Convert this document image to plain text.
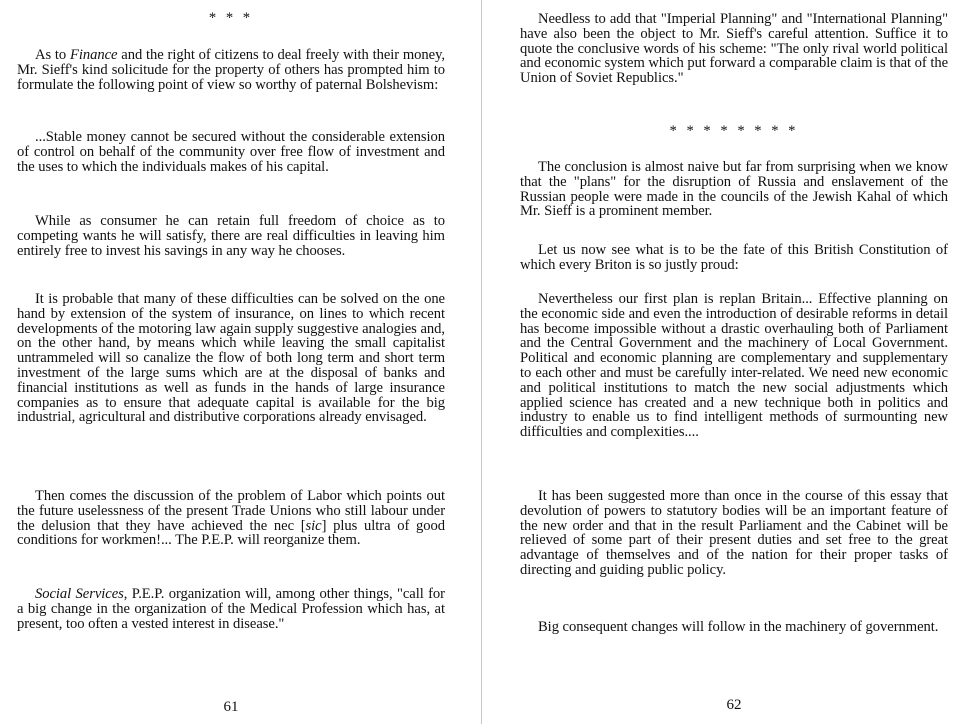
* * *

As to Finance and the right of citizens to deal freely with their money, Mr. Sieff's kind solicitude for the property of others has prompted him to formulate the following point of view so worthy of paternal Bolshevism:

...Stable money cannot be secured without the considerable extension of control on behalf of the community over free flow of investment and the uses to which the individuals makes of his capital.

While as consumer he can retain full freedom of choice as to competing wants he will satisfy, there are real difficulties in leaving him entirely free to invest his savings in any way he chooses.

It is probable that many of these difficulties can be solved on the one hand by extension of the system of insurance, on lines to which recent developments of the motoring law again supply suggestive analogies and, on the other hand, by means which while leaving the small capitalist untrammeled will so canalize the flow of both long term and short term investment of the large sums which are at the disposal of banks and financial institutions as well as funds in the hands of large insurance companies as to ensure that adequate capital is available for the big industrial, agricultural and distributive corporations already envisaged.

Then comes the discussion of the problem of Labor which points out the future uselessness of the present Trade Unions who still labour under the delusion that they have achieved the nec [sic] plus ultra of good conditions for workmen!... The P.E.P. will reorganize them.

Social Services, P.E.P. organization will, among other things, "call for a big change in the organization of the Medical Profession which has, at present, too often a vested interest in disease."

61

Needless to add that "Imperial Planning" and "International Planning" have also been the object to Mr. Sieff's careful attention. Suffice it to quote the conclusive words of his scheme: "The only rival world political and economic system which put forward a comparable claim is that of the Union of Soviet Republics."

* * * * * * * *

The conclusion is almost naive but far from surprising when we know that the "plans" for the disruption of Russia and enslavement of the Russian people were made in the councils of the Jewish Kahal of which Mr. Sieff is a prominent member.

Let us now see what is to be the fate of this British Constitution of which every Briton is so justly proud:

Nevertheless our first plan is replan Britain... Effective planning on the economic side and even the introduction of desirable reforms in detail has become impossible without a drastic overhauling both of Parliament and the Central Government and the machinery of Local Government. Political and economic planning are complementary and supplementary to each other and must be carefully inter-related. We need new economic and political institutions to match the new social adjustments which applied science has created and a new technique both in politics and industry to enable us to find intelligent methods of surmounting new difficulties and complexities....

It has been suggested more than once in the course of this essay that devolution of powers to statutory bodies will be an important feature of the new order and that in the result Parliament and the Cabinet will be relieved of some part of their present duties and set free to the great advantage of themselves and of the nation for their proper tasks of directing and guiding public policy.

Big consequent changes will follow in the machinery of government.

62
